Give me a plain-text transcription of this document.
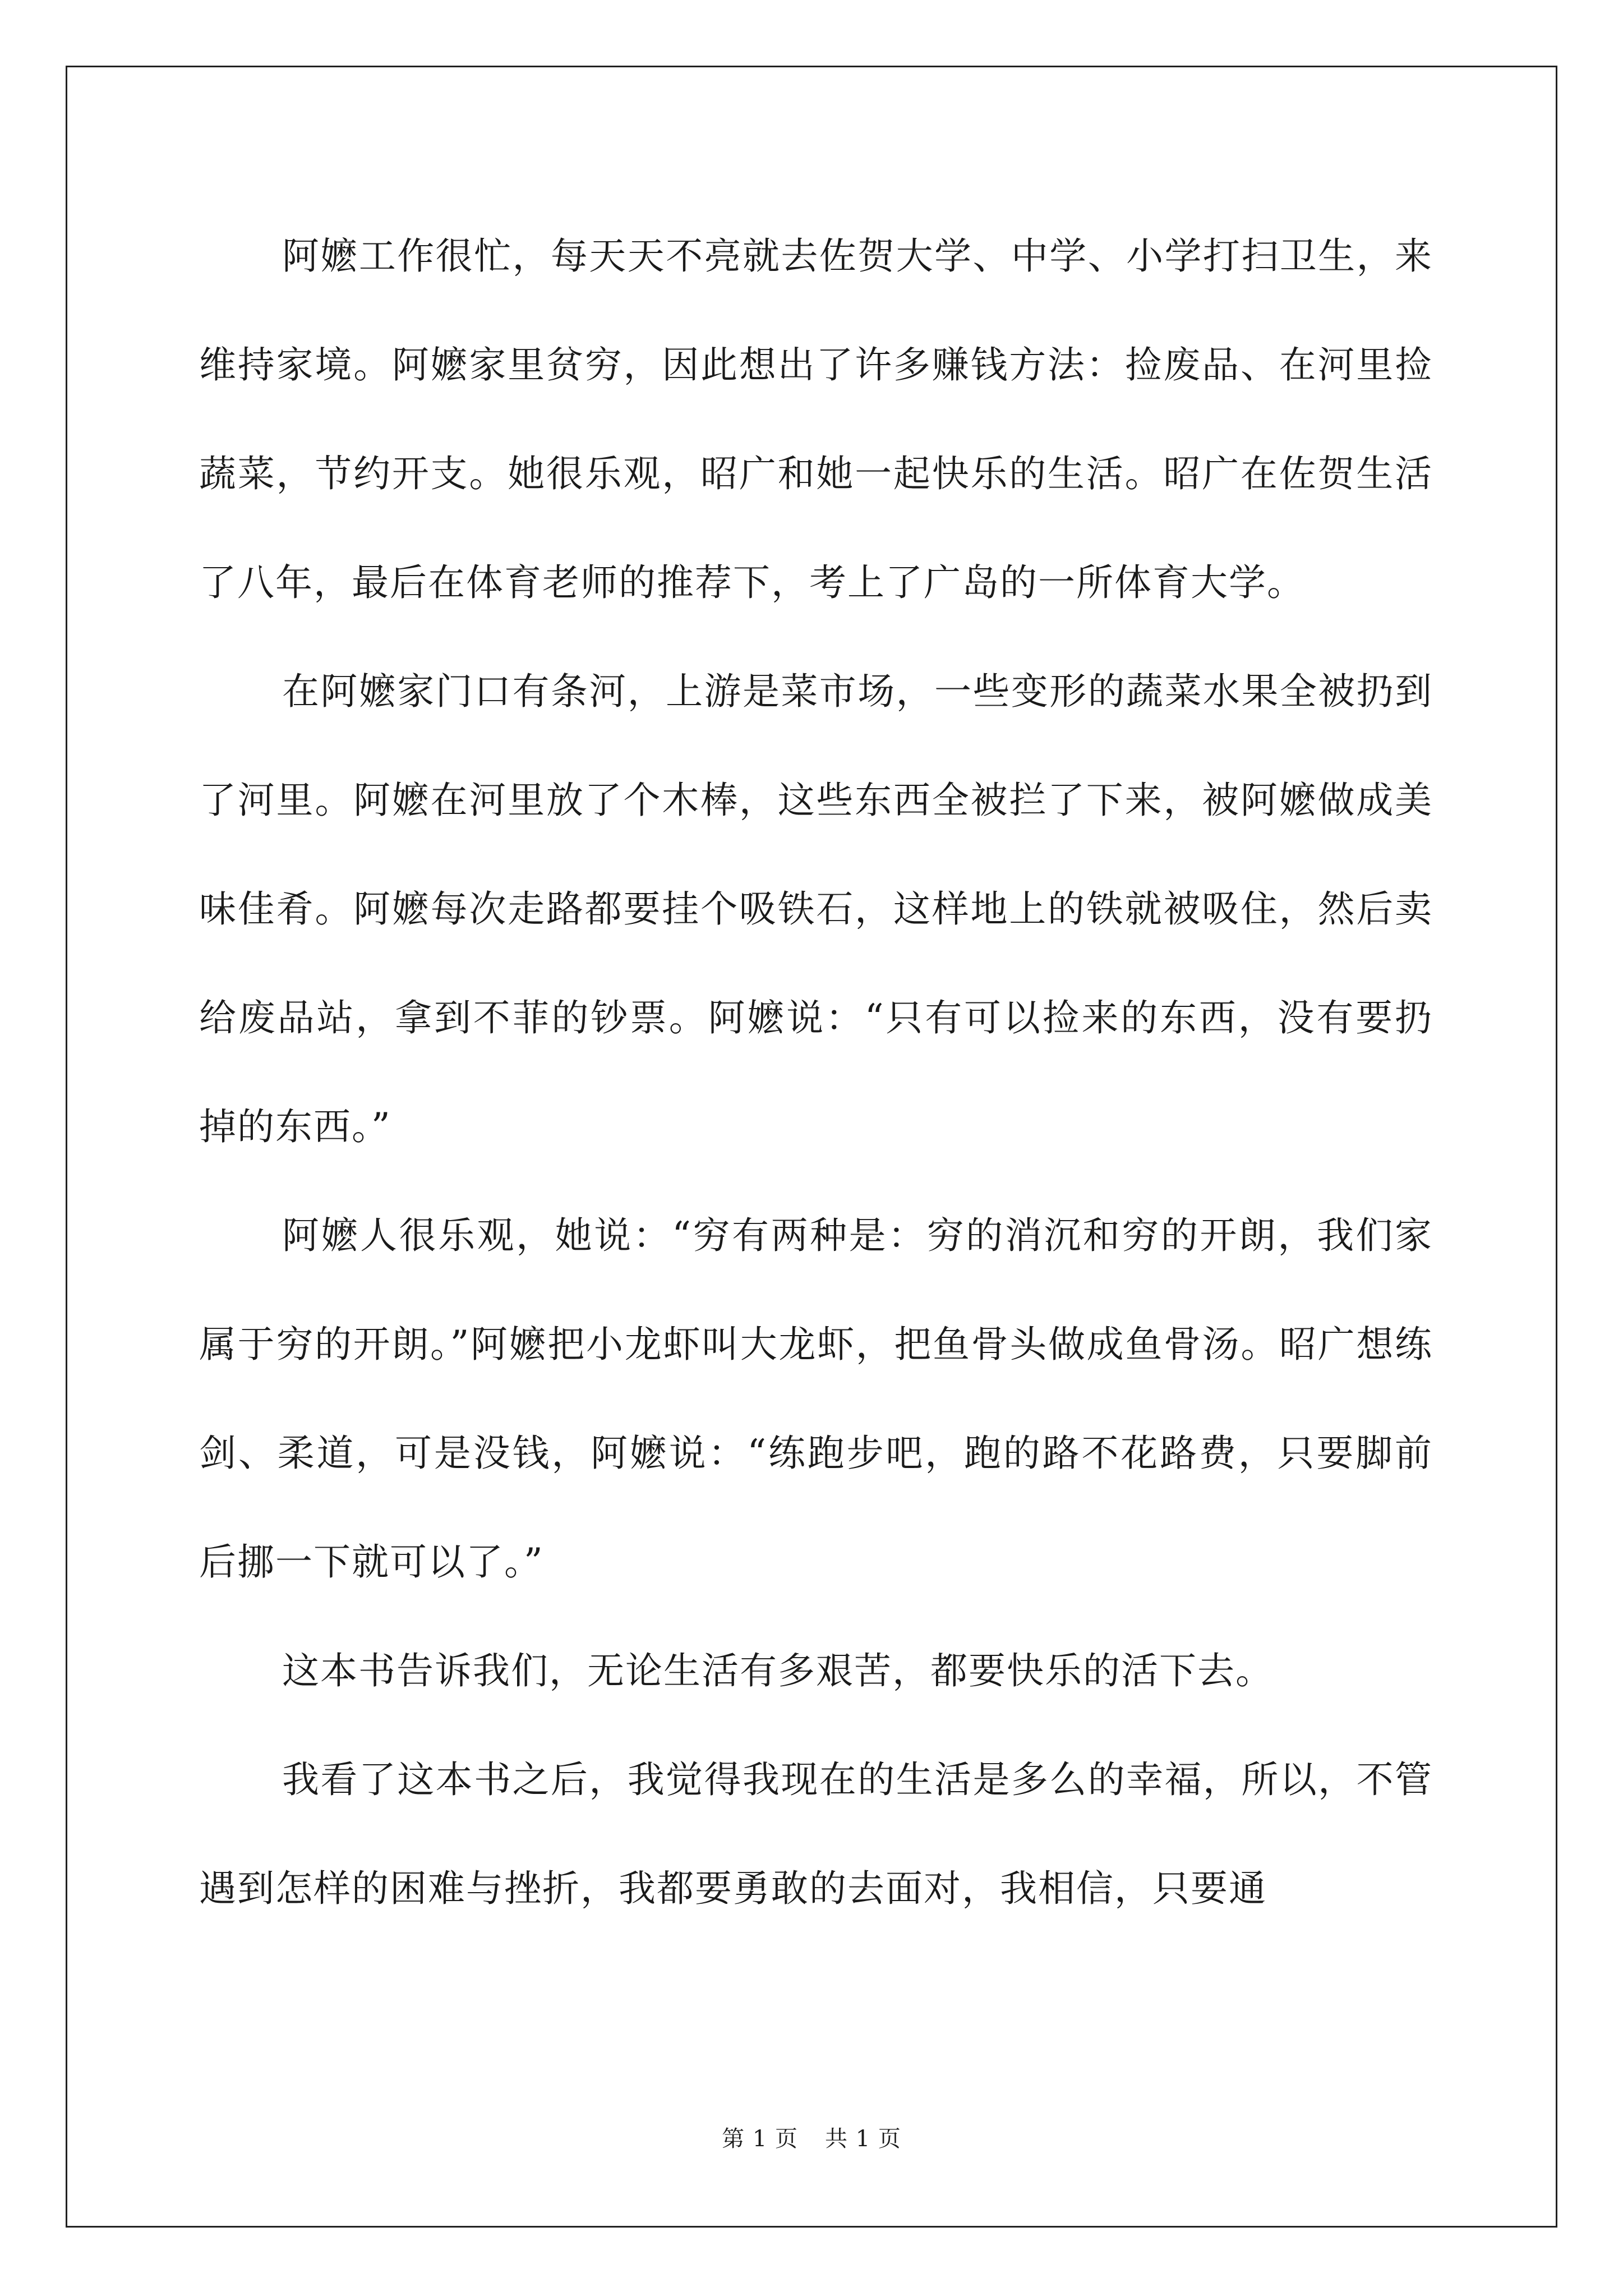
阿嬷工作很忙，每天天不亮就去佐贺大学、中学、小学打扫卫生，来维持家境。阿嬷家里贫穷，因此想出了许多赚钱方法：捡废品、在河里捡蔬菜，节约开支。她很乐观，昭广和她一起快乐的生活。昭广在佐贺生活了八年，最后在体育老师的推荐下，考上了广岛的一所体育大学。

在阿嬷家门口有条河，上游是菜市场，一些变形的蔬菜水果全被扔到了河里。阿嬷在河里放了个木棒，这些东西全被拦了下来，被阿嬷做成美味佳肴。阿嬷每次走路都要挂个吸铁石，这样地上的铁就被吸住，然后卖给废品站，拿到不菲的钞票。阿嬷说：“只有可以捡来的东西，没有要扔掉的东西。”

阿嬷人很乐观，她说：“穷有两种是：穷的消沉和穷的开朗，我们家属于穷的开朗。”阿嬷把小龙虾叫大龙虾，把鱼骨头做成鱼骨汤。昭广想练剑、柔道，可是没钱，阿嬷说：“练跑步吧，跑的路不花路费，只要脚前后挪一下就可以了。”

这本书告诉我们，无论生活有多艰苦，都要快乐的活下去。

我看了这本书之后，我觉得我现在的生活是多么的幸福，所以，不管遇到怎样的困难与挫折，我都要勇敢的去面对，我相信，只要通

第 1 页 共 1 页
